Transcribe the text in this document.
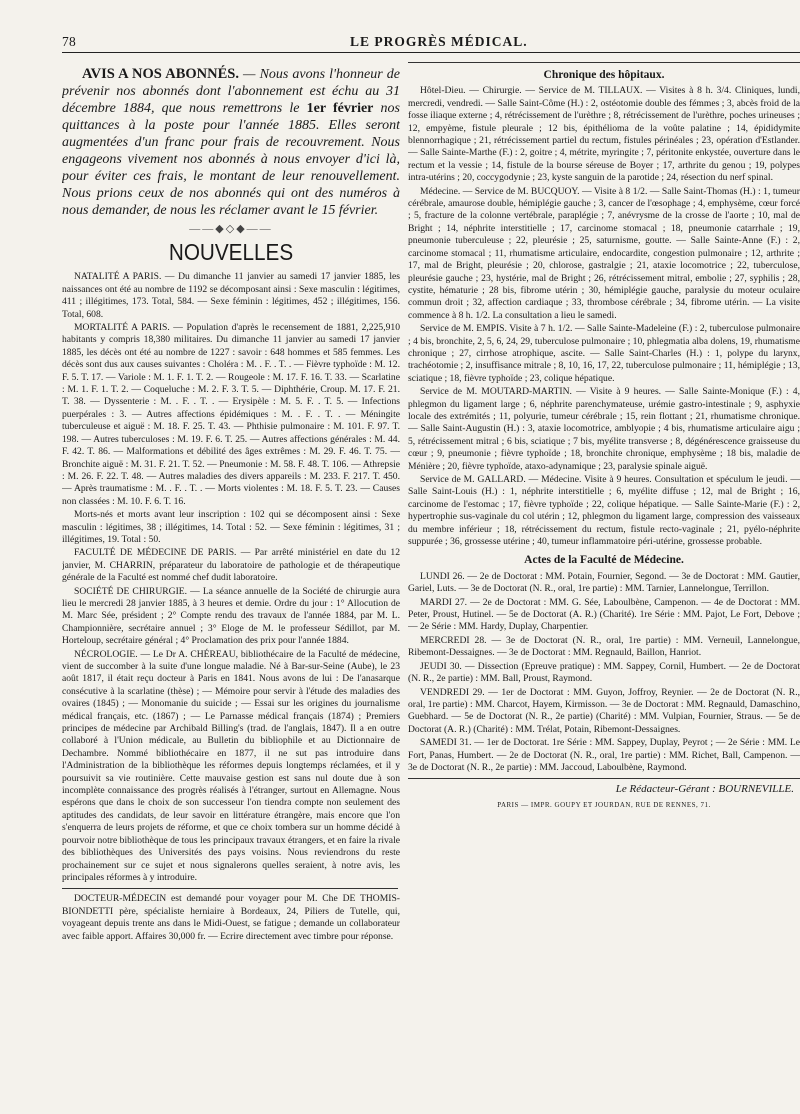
78	LE PROGRÈS MÉDICAL.
AVIS A NOS ABONNÉS. — Nous avons l'honneur de prévenir nos abonnés dont l'abonnement est échu au 31 décembre 1884, que nous remettrons le 1er février nos quittances à la poste pour l'année 1885. Elles seront augmentées d'un franc pour frais de recouvrement. Nous engageons vivement nos abonnés à nous envoyer d'ici là, pour éviter ces frais, le montant de leur renouvellement. Nous prions ceux de nos abonnés qui ont des numéros à nous demander, de nous les réclamer avant le 15 février.
——◆◇◆——
NOUVELLES

NATALITÉ A PARIS. — Du dimanche 11 janvier au samedi 17 janvier 1885, les naissances ont été au nombre de 1192 se décomposant ainsi : Sexe masculin : légitimes, 411 ; illégitimes, 173. Total, 584. — Sexe féminin : légitimes, 452 ; illégitimes, 156. Total, 608.

MORTALITÉ A PARIS. — Population d'après le recensement de 1881, 2,225,910 habitants y compris 18,380 militaires. Du dimanche 11 janvier au samedi 17 janvier 1885, les décès ont été au nombre de 1227 : savoir : 648 hommes et 585 femmes. Les décès sont dus aux causes suivantes : Choléra : M. . F. . T. . — Fièvre typhoïde : M. 12. F. 5. T. 17. — Variole : M. 1. F. 1. T. 2. — Rougeole : M. 17. F. 16. T. 33. — Scarlatine : M. 1. F. 1. T. 2. — Coqueluche : M. 2. F. 3. T. 5. — Diphthérie, Croup. M. 17. F. 21. T. 38. — Dyssenterie : M. . F. . T. . — Erysipèle : M. 5. F. . T. 5. — Infections puerpérales : 3. — Autres affections épidémiques : M. . F. . T. . — Méningite tuberculeuse et aiguë : M. 18. F. 25. T. 43. — Phthisie pulmonaire : M. 101. F. 97. T. 198. — Autres tuberculoses : M. 19. F. 6. T. 25. — Autres affections générales : M. 44. F. 42. T. 86. — Malformations et débilité des âges extrêmes : M. 29. F. 46. T. 75. — Bronchite aiguë : M. 31. F. 21. T. 52. — Pneumonie : M. 58. F. 48. T. 106. — Athrepsie : M. 26. F. 22. T. 48. — Autres maladies des divers appareils : M. 233. F. 217. T. 450. — Après traumatisme : M. . F. . T. . — Morts violentes : M. 18. F. 5. T. 23. — Causes non classées : M. 10. F. 6. T. 16.

Morts-nés et morts avant leur inscription : 102 qui se décomposent ainsi : Sexe masculin : légitimes, 38 ; illégitimes, 14. Total : 52. — Sexe féminin : légitimes, 31 ; illégitimes, 19. Total : 50.

FACULTÉ DE MÉDECINE DE PARIS. — Par arrêté ministériel en date du 12 janvier, M. CHARRIN, préparateur du laboratoire de pathologie et de thérapeutique générale de la Faculté est nommé chef dudit laboratoire.

SOCIÉTÉ DE CHIRURGIE. — La séance annuelle de la Société de chirurgie aura lieu le mercredi 28 janvier 1885, à 3 heures et demie. Ordre du jour : 1° Allocution de M. Marc Sée, président ; 2° Compte rendu des travaux de l'année 1884, par M. L. Championnière, secrétaire annuel ; 3° Eloge de M. le professeur Sédillot, par M. Horteloup, secrétaire général ; 4° Proclamation des prix pour l'année 1884.

NÉCROLOGIE. — Le Dr A. CHÉREAU, bibliothécaire de la Faculté de médecine, vient de succomber à la suite d'une longue maladie. Né à Bar-sur-Seine (Aube), le 23 août 1817, il était reçu docteur à Paris en 1841. Nous avons de lui : De l'anasarque consécutive à la scarlatine (thèse) ; — Mémoire pour servir à l'étude des maladies des ovaires (1845) ; — Monomanie du suicide ; — Essai sur les origines du journalisme médical français, etc. (1867) ; — Le Parnasse médical français (1874) ; Premiers principes de médecine par Archibald Billing's (trad. de l'anglais, 1847). Il a en outre collaboré à l'Union médicale, au Bulletin du bibliophile et au Dictionnaire de Dechambre. Nommé bibliothécaire en 1877, il ne sut pas introduire dans l'Administration de la bibliothèque les réformes depuis longtemps réclamées, et il y poursuivit sa vie routinière. Cette mauvaise gestion est sans nul doute due à son incomplète connaissance des progrès réalisés à l'étranger, surtout en Allemagne. Nous espérons que dans le choix de son successeur l'on tiendra compte non seulement des aptitudes des candidats, de leur savoir en littérature étrangère, mais encore que l'on s'enquerra de leurs projets de réforme, et que ce choix tombera sur un homme décidé à pourvoir notre bibliothèque de tous les principaux travaux étrangers, et en faire la rivale des bibliothèques des Universités des pays voisins. Nous reviendrons du reste prochainement sur ce sujet et nous signalerons quelles seraient, à notre avis, les principales réformes à y introduire.

DOCTEUR-MÉDECIN est demandé pour voyager pour M. Che DE THOMIS-BIONDETTI père, spécialiste herniaire à Bordeaux, 24, Piliers de Tutelle, qui, voyageant depuis trente ans dans le Midi-Ouest, se fatigue ; demande un collaborateur avec faible apport. Affaires 30,000 fr. — Ecrire directement avec timbre pour réponse.

Chronique des hôpitaux.

Hôtel-Dieu. — Chirurgie. — Service de M. TILLAUX. — Visites à 8 h. 3/4. Cliniques, lundi, mercredi, vendredi. — Salle Saint-Côme (H.) : 2, ostéotomie double des fémmes ; 3, abcès froid de la fosse iliaque externe ; 4, rétrécissement de l'urèthre ; 8, rétrécissement de l'urèthre, poches urineuses ; 12, empyème, fistule pleurale ; 12 bis, épithélioma de la voûte palatine ; 14, épididymite blennorrhagique ; 21, rétrécissement partiel du rectum, fistules périnéales ; 23, opération d'Estlander. — Salle Sainte-Marthe (F.) : 2, goitre ; 4, métrite, myringite ; 7, péritonite enkystée, ouverture dans le rectum et la vessie ; 14, fistule de la bourse séreuse de Boyer ; 17, arthrite du genou ; 19, polypes intra-utérins ; 20, coccygodynie ; 23, kyste sanguin de la parotide ; 24, résection du nerf spinal.

Médecine. — Service de M. BUCQUOY. — Visite à 8 1/2. — Salle Saint-Thomas (H.) : 1, tumeur cérébrale, amaurose double, hémiplégie gauche ; 3, cancer de l'œsophage ; 4, emphysème, cœur forcé ; 5, fracture de la colonne vertébrale, paraplégie ; 7, anévrysme de la crosse de l'aorte ; 10, mal de Bright ; 14, néphrite interstitielle ; 17, carcinome stomacal ; 18, pneumonie catarrhale ; 19, pneumonie tuberculeuse ; 22, pleurésie ; 25, saturnisme, goutte. — Salle Sainte-Anne (F.) : 2, carcinome stomacal ; 11, rhumatisme articulaire, endocardite, congestion pulmonaire ; 12, arthrite ; 17, mal de Bright, pleurésie ; 20, chlorose, gastralgie ; 21, ataxie locomotrice ; 22, tuberculose, pleurésie gauche ; 23, hystérie, mal de Bright ; 26, rétrécissement mitral, embolie ; 27, syphilis ; 28, cystite, hématurie ; 28 bis, fibrome utérin ; 30, hémiplégie gauche, paralysie du moteur oculaire commun droit ; 32, affection cardiaque ; 33, thrombose cérébrale ; 34, fibrome utérin. — La visite commence à 8 h. 1/2. La consultation a lieu le samedi.

Service de M. EMPIS. Visite à 7 h. 1/2. — Salle Sainte-Madeleine (F.) : 2, tuberculose pulmonaire ; 4 bis, bronchite, 2, 5, 6, 24, 29, tuberculose pulmonaire ; 10, phlegmatia alba dolens, 19, rhumatisme chronique ; 27, cirrhose atrophique, ascite. — Salle Saint-Charles (H.) : 1, polype du larynx, trachéotomie ; 2, insuffisance mitrale ; 8, 10, 16, 17, 22, tuberculose pulmonaire ; 11, hémiplégie ; 13, sciatique ; 18, fièvre typhoïde ; 23, colique hépatique.

Service de M. MOUTARD-MARTIN. — Visite à 9 heures. — Salle Sainte-Monique (F.) : 4, phlegmon du ligament large ; 6, néphrite parenchymateuse, urémie gastro-intestinale ; 9, asphyxie locale des extrémités ; 11, polyurie, tumeur cérébrale ; 15, rein flottant ; 21, rhumatisme chronique. — Salle Saint-Augustin (H.) : 3, ataxie locomotrice, amblyopie ; 4 bis, rhumatisme articulaire aigu ; 5, rétrécissement mitral ; 6 bis, sciatique ; 7 bis, myélite transverse ; 8, dégénérescence graisseuse du cœur ; 9, pneumonie ; fièvre typhoïde ; 18, bronchite chronique, emphysème ; 18 bis, maladie de Ménière ; 20, fièvre typhoïde, ataxo-adynamique ; 23, paralysie spinale aiguë.

Service de M. GALLARD. — Médecine. Visite à 9 heures. Consultation et spéculum le jeudi. — Salle Saint-Louis (H.) : 1, néphrite interstitielle ; 6, myélite diffuse ; 12, mal de Bright ; 16, carcinome de l'estomac ; 17, fièvre typhoïde ; 22, colique hépatique. — Salle Sainte-Marie (F.) : 2, hypertrophie sus-vaginale du col utérin ; 12, phlegmon du ligament large, compression des vaisseaux du membre inférieur ; 18, rétrécissement du rectum, fistule recto-vaginale ; 21, pyélo-néphrite suppurée ; 36, grossesse utérine ; 40, tumeur inflammatoire péri-utérine, grossesse probable.

Actes de la Faculté de Médecine.

LUNDI 26. — 2e de Doctorat : MM. Potain, Fournier, Segond. — 3e de Doctorat : MM. Gautier, Gariel, Luts. — 3e de Doctorat (N. R., oral, 1re partie) : MM. Tarnier, Lannelongue, Terrillon.

MARDI 27. — 2e de Doctorat : MM. G. Sée, Laboulbène, Campenon. — 4e de Doctorat : MM. Peter, Proust, Hutinel. — 5e de Doctorat (A. R.) (Charité). 1re Série : MM. Pajot, Le Fort, Debove ; — 2e Série : MM. Hardy, Duplay, Charpentier.

MERCREDI 28. — 3e de Doctorat (N. R., oral, 1re partie) : MM. Verneuil, Lannelongue, Ribemont-Dessaignes. — 3e de Doctorat : MM. Regnauld, Baillon, Hanriot.

JEUDI 30. — Dissection (Epreuve pratique) : MM. Sappey, Cornil, Humbert. — 2e de Doctorat (N. R., 2e partie) : MM. Ball, Proust, Raymond.

VENDREDI 29. — 1er de Doctorat : MM. Guyon, Joffroy, Reynier. — 2e de Doctorat (N. R., oral, 1re partie) : MM. Charcot, Hayem, Kirmisson. — 3e de Doctorat : MM. Regnauld, Damaschino, Guebhard. — 5e de Doctorat (N. R., 2e partie) (Charité) : MM. Vulpian, Fournier, Straus. — 5e de Doctorat (A. R.) (Charité) : MM. Trélat, Potain, Ribemont-Dessaignes.

SAMEDI 31. — 1er de Doctorat. 1re Série : MM. Sappey, Duplay, Peyrot ; — 2e Série : MM. Le Fort, Panas, Humbert. — 2e de Doctorat (N. R., oral, 1re partie) : MM. Richet, Ball, Campenon. — 3e de Doctorat (N. R., 2e partie) : MM. Jaccoud, Laboulbène, Raymond.

Le Rédacteur-Gérant : BOURNEVILLE.
PARIS — IMPR. GOUPY ET JOURDAN, RUE DE RENNES, 71.
